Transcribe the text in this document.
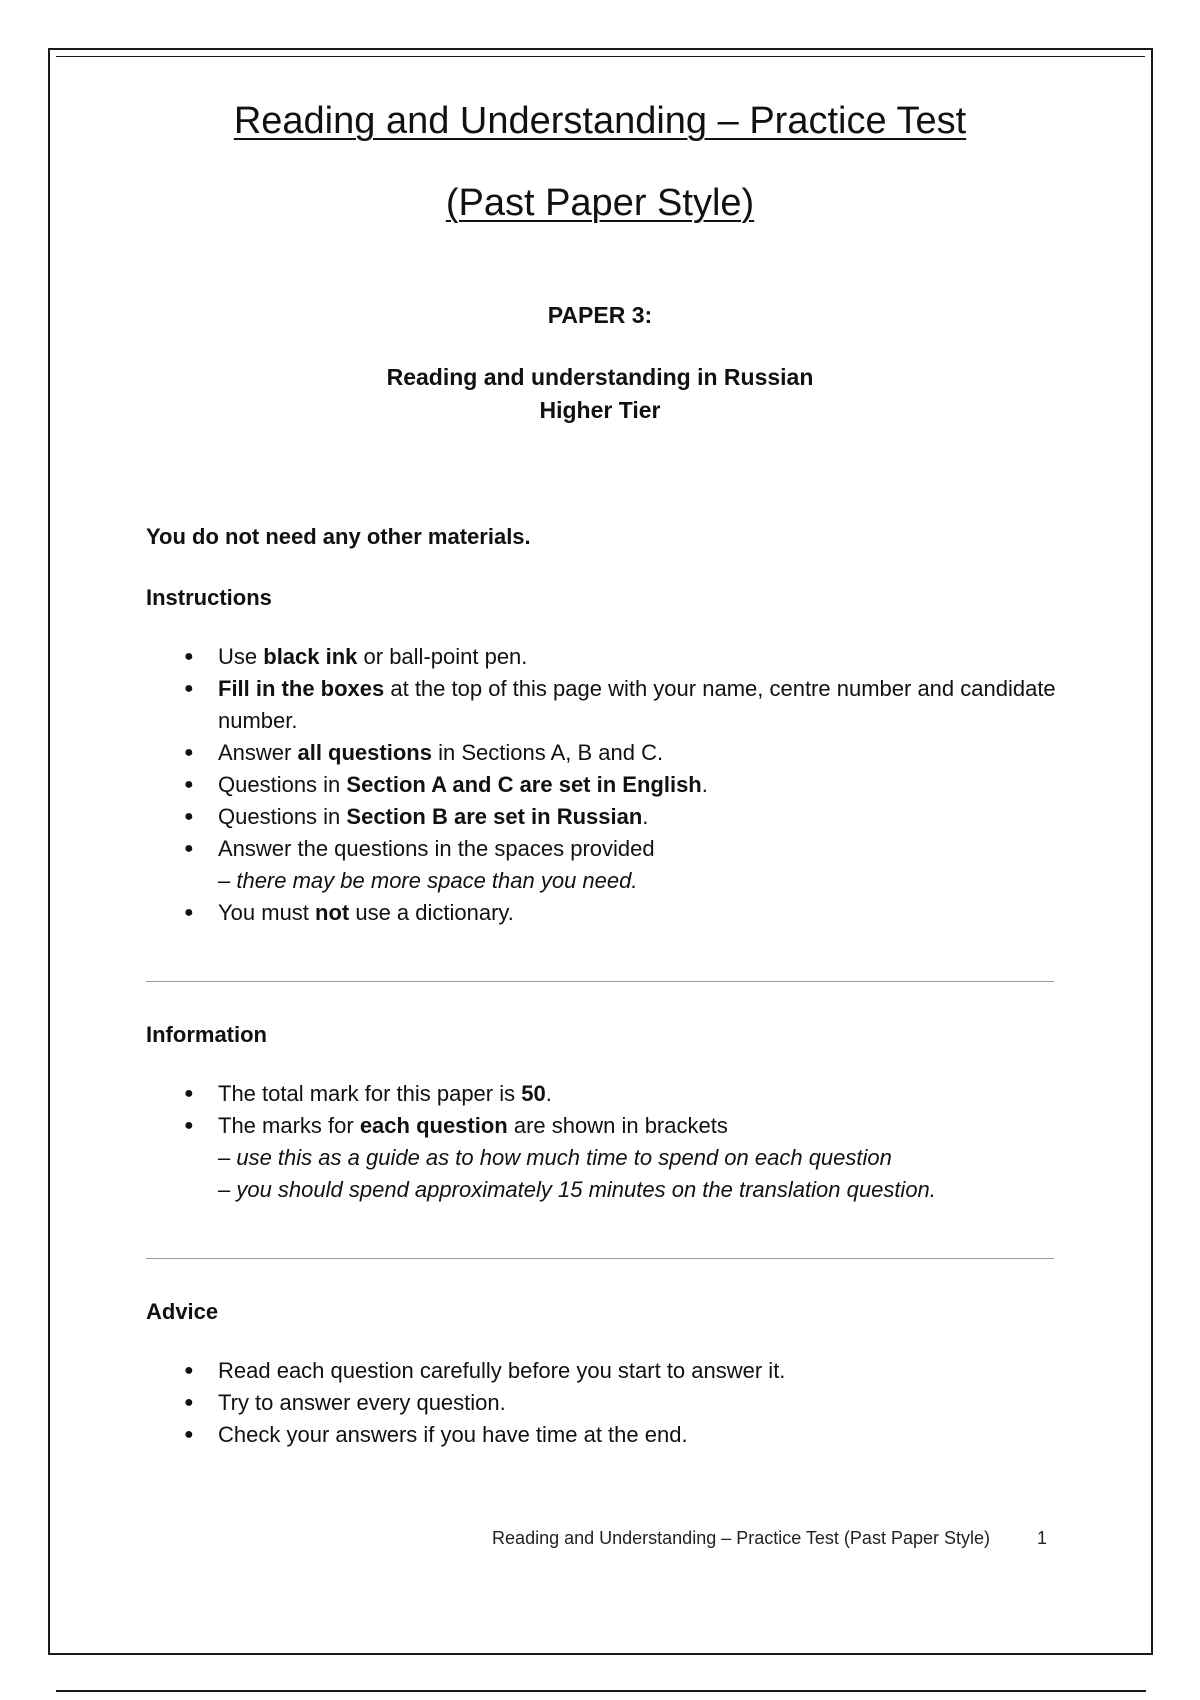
Reading and Understanding – Practice Test
(Past Paper Style)
PAPER 3:
Reading and understanding in Russian
Higher Tier
You do not need any other materials.
Instructions
● Use black ink or ball-point pen.
● Fill in the boxes at the top of this page with your name, centre number and candidate number.
● Answer all questions in Sections A, B and C.
● Questions in Section A and C are set in English.
● Questions in Section B are set in Russian.
● Answer the questions in the spaces provided
– there may be more space than you need.
● You must not use a dictionary.
Information
● The total mark for this paper is 50.
● The marks for each question are shown in brackets
– use this as a guide as to how much time to spend on each question
– you should spend approximately 15 minutes on the translation question.
Advice
● Read each question carefully before you start to answer it.
● Try to answer every question.
● Check your answers if you have time at the end.
Reading and Understanding – Practice Test (Past Paper Style)	1
